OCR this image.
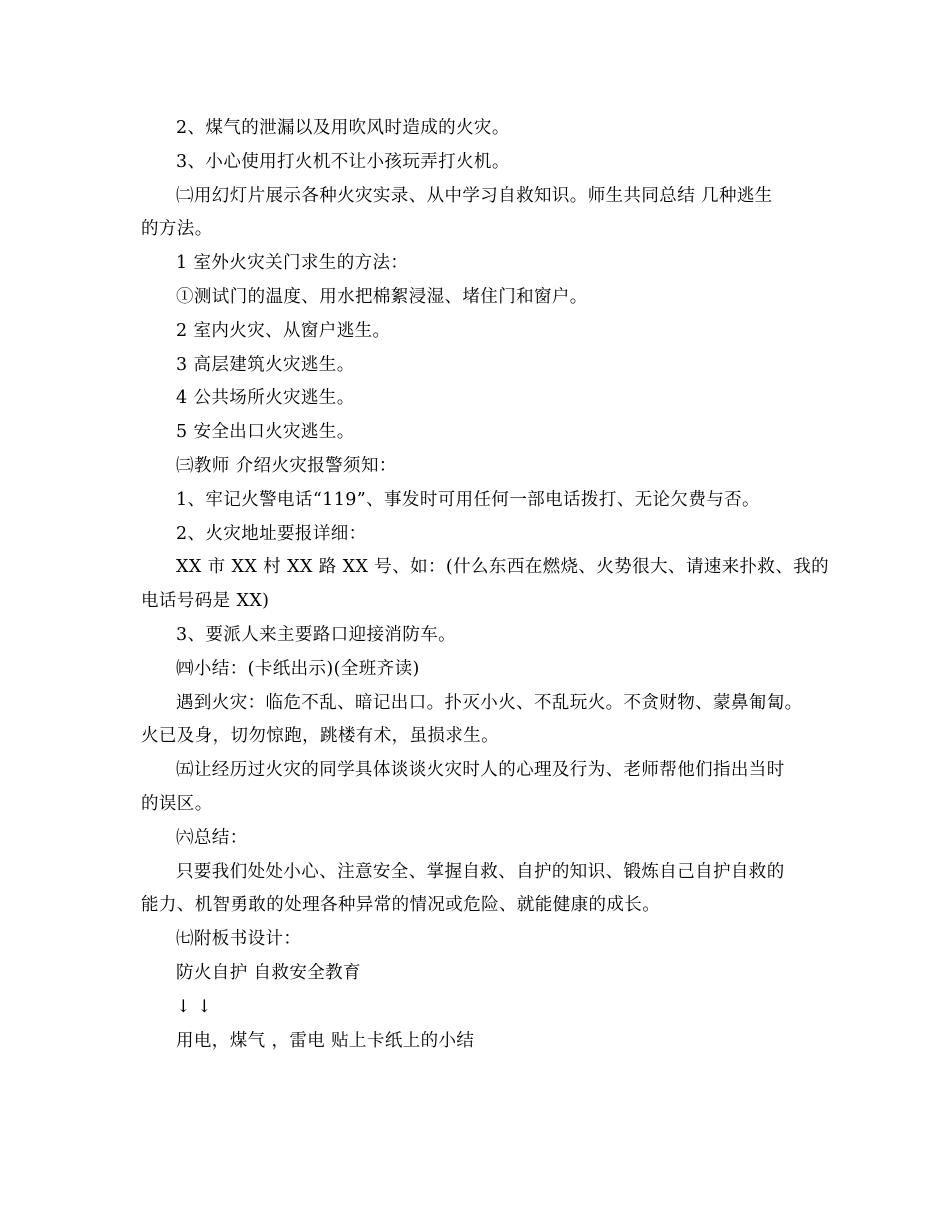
2、煤气的泄漏以及用吹风时造成的火灾。
3、小心使用打火机不让小孩玩弄打火机。
㈡用幻灯片展示各种火灾实录、从中学习自救知识。师生共同总结 几种逃生
的方法。
1 室外火灾关门求生的方法：
①测试门的温度、用水把棉絮浸湿、堵住门和窗户。
2 室内火灾、从窗户逃生。
3 高层建筑火灾逃生。
4 公共场所火灾逃生。
5 安全出口火灾逃生。
㈢教师 介绍火灾报警须知：
1、牢记火警电话“119”、事发时可用任何一部电话拨打、无论欠费与否。
2、火灾地址要报详细：
XX 市 XX 村 XX 路 XX 号、如：(什么东西在燃烧、火势很大、请速来扑救、我的
电话号码是 XX)
3、要派人来主要路口迎接消防车。
㈣小结：(卡纸出示)(全班齐读)
遇到火灾：临危不乱、暗记出口。扑灭小火、不乱玩火。不贪财物、蒙鼻匍匐。
火已及身，切勿惊跑，跳楼有术，虽损求生。
㈤让经历过火灾的同学具体谈谈火灾时人的心理及行为、老师帮他们指出当时
的误区。
㈥总结：
只要我们处处小心、注意安全、掌握自救、自护的知识、锻炼自己自护自救的
能力、机智勇敢的处理各种异常的情况或危险、就能健康的成长。
㈦附板书设计：
防火自护 自救安全教育
↓ ↓
用电，煤气 ，雷电 贴上卡纸上的小结
